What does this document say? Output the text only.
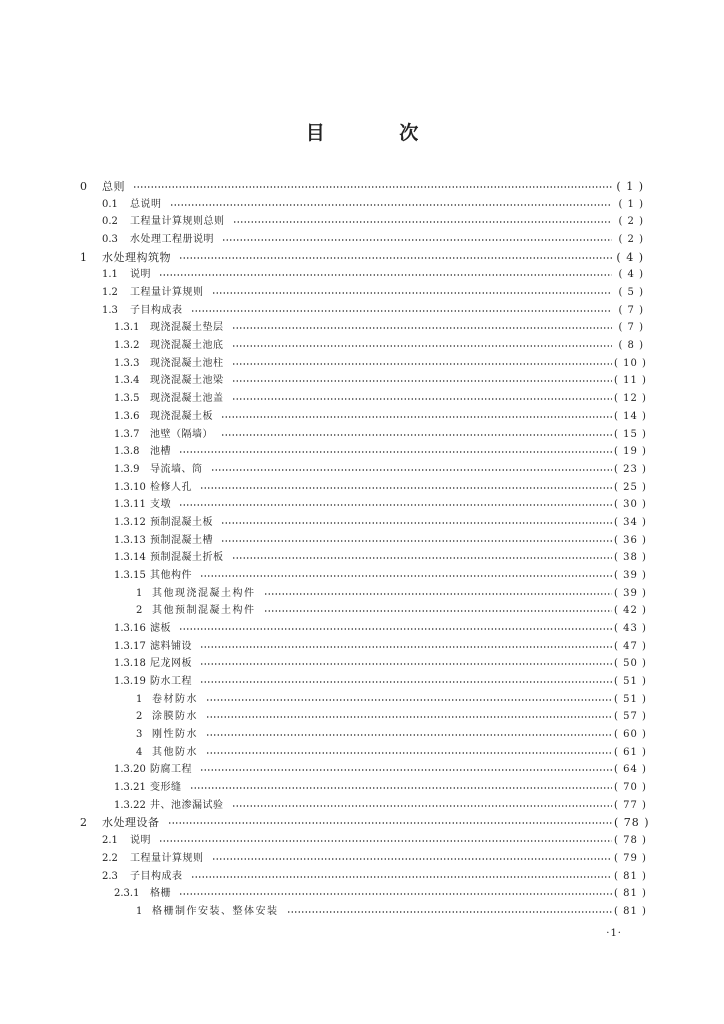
目 次
0 总则	( 1 )
0.1 总说明	( 1 )
0.2 工程量计算规则总则	( 2 )
0.3 水处理工程册说明	( 2 )
1 水处理构筑物	( 4 )
1.1 说明	( 4 )
1.2 工程量计算规则	( 5 )
1.3 子目构成表	( 7 )
1.3.1 现浇混凝土垫层	( 7 )
1.3.2 现浇混凝土池底	( 8 )
1.3.3 现浇混凝土池柱	( 10 )
1.3.4 现浇混凝土池梁	( 11 )
1.3.5 现浇混凝土池盖	( 12 )
1.3.6 现浇混凝土板	( 14 )
1.3.7 池壁（隔墙）	( 15 )
1.3.8 池槽	( 19 )
1.3.9 导流墙、筒	( 23 )
1.3.10 检修人孔	( 25 )
1.3.11 支墩	( 30 )
1.3.12 预制混凝土板	( 34 )
1.3.13 预制混凝土槽	( 36 )
1.3.14 预制混凝土折板	( 38 )
1.3.15 其他构件	( 39 )
1 其他现浇混凝土构件	( 39 )
2 其他预制混凝土构件	( 42 )
1.3.16 滤板	( 43 )
1.3.17 滤料铺设	( 47 )
1.3.18 尼龙网板	( 50 )
1.3.19 防水工程	( 51 )
1 卷材防水	( 51 )
2 涂膜防水	( 57 )
3 刚性防水	( 60 )
4 其他防水	( 61 )
1.3.20 防腐工程	( 64 )
1.3.21 变形缝	( 70 )
1.3.22 井、池渗漏试验	( 77 )
2 水处理设备	( 78 )
2.1 说明	( 78 )
2.2 工程量计算规则	( 79 )
2.3 子目构成表	( 81 )
2.3.1 格栅	( 81 )
1 格栅制作安装、整体安装	( 81 )
·1·
